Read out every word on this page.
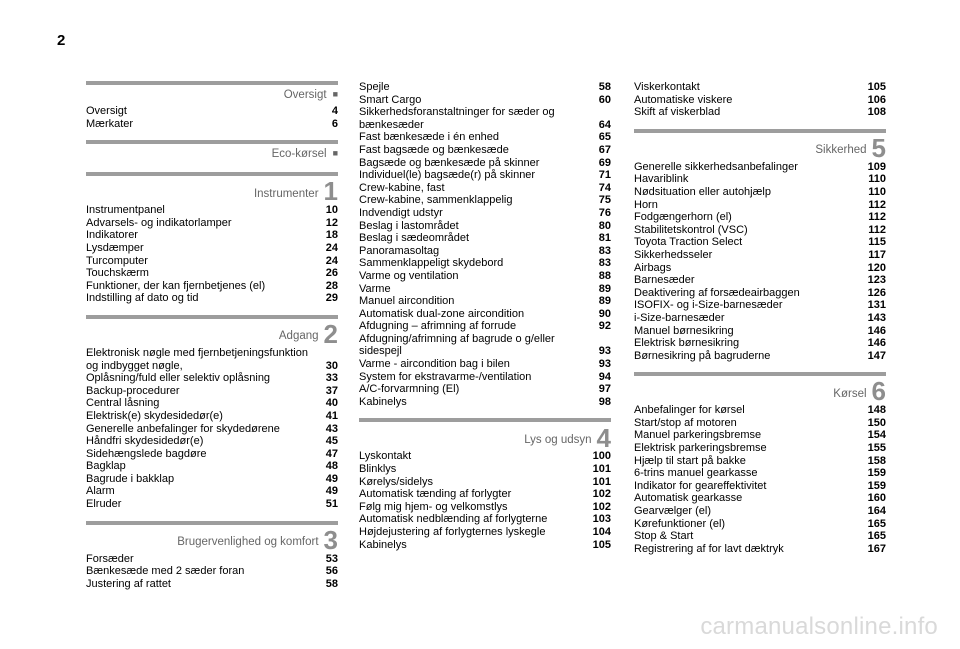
2
Oversigt ■
Oversigt	4
Mærkater	6
Eco-kørsel ■
Instrumenter 1
Instrumentpanel	10
Advarsels- og indikatorlamper	12
Indikatorer	18
Lysdæmper	24
Turcomputer	24
Touchskærm	26
Funktioner, der kan fjernbetjenes (el)	28
Indstilling af dato og tid	29
Adgang 2
Elektronisk nøgle med fjernbetjeningsfunktion og indbygget nøgle,	30
Oplåsning/fuld eller selektiv oplåsning	33
Backup-procedurer	37
Central låsning	40
Elektrisk(e) skydesidedør(e)	41
Generelle anbefalinger for skydedørene	43
Håndfri skydesidedør(e)	45
Sidehængslede bagdøre	47
Bagklap	48
Bagrude i bakklap	49
Alarm	49
Elruder	51
Brugervenlighed og komfort 3
Forsæder	53
Bænkesæde med 2 sæder foran	56
Justering af rattet	58
Spejle	58
Smart Cargo	60
Sikkerhedsforanstaltninger for sæder og bænkesæder	64
Fast bænkesæde i én enhed	65
Fast bagsæde og bænkesæde	67
Bagsæde og bænkesæde på skinner	69
Individuel(le) bagsæde(r) på skinner	71
Crew-kabine, fast	74
Crew-kabine, sammenklappelig	75
Indvendigt udstyr	76
Beslag i lastområdet	80
Beslag i sædeområdet	81
Panoramasoltag	83
Sammenklappeligt skydebord	83
Varme og ventilation	88
Varme	89
Manuel aircondition	89
Automatisk dual-zone aircondition	90
Afdugning – afrimning af forrude	92
Afdugning/afrimning af bagrude o g/eller sidespejl	93
Varme - aircondition bag i bilen	93
System for ekstravarme-/ventilation	94
A/C-forvarmning (El)	97
Kabinelys	98
Lys og udsyn 4
Lyskontakt	100
Blinklys	101
Kørelys/sidelys	101
Automatisk tænding af forlygter	102
Følg mig hjem- og velkomstlys	102
Automatisk nedblænding af forlygterne	103
Højdejustering af forlygternes lyskegle	104
Kabinelys	105
Viskerkontakt	105
Automatiske viskere	106
Skift af viskerblad	108
Sikkerhed 5
Generelle sikkerhedsanbefalinger	109
Havariblink	110
Nødsituation eller autohjælp	110
Horn	112
Fodgængerhorn (el)	112
Stabilitetskontrol (VSC)	112
Toyota Traction Select	115
Sikkerhedsseler	117
Airbags	120
Barnesæder	123
Deaktivering af forsædeairbaggen	126
ISOFIX- og i-Size-barnesæder	131
i-Size-barnesæder	143
Manuel børnesikring	146
Elektrisk børnesikring	146
Børnesikring på bagruderne	147
Kørsel 6
Anbefalinger for kørsel	148
Start/stop af motoren	150
Manuel parkeringsbremse	154
Elektrisk parkeringsbremse	155
Hjælp til start på bakke	158
6-trins manuel gearkasse	159
Indikator for geareffektivitet	159
Automatisk gearkasse	160
Gearvælger (el)	164
Kørefunktioner (el)	165
Stop & Start	165
Registrering af for lavt dæktryk	167
carmanualsonline.info
